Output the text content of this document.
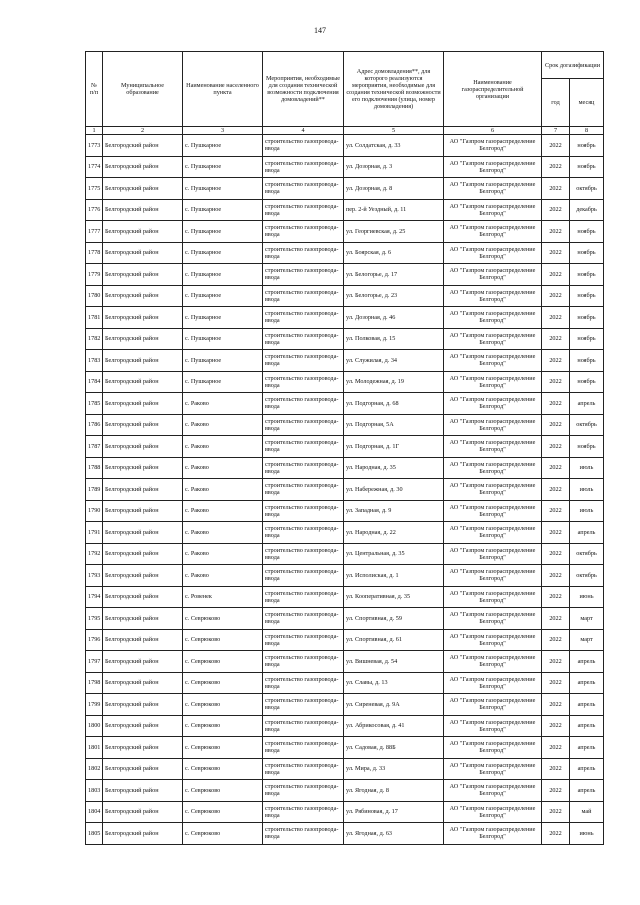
147
№ п/п	Муниципальное образование	Наименование населенного пункта	Мероприятия, необходимые для создания технической возможности подключения домовладений**	Адрес домовладения**, для которого реализуются мероприятия, необходимые для создания технической возможности его подключения (улица, номер домовладения)	Наименование газораспределительной организации	Срок догазификации	
						год	месяц
1	2	3	4	5	6	7	8
1773	Белгородский район	с. Пушкарное	строительство газопровода-ввода	ул. Солдатская, д. 33	АО "Газпром газораспределение Белгород"	2022	ноябрь
1774	Белгородский район	с. Пушкарное	строительство газопровода-ввода	ул. Дозорная, д. 3	АО "Газпром газораспределение Белгород"	2022	ноябрь
1775	Белгородский район	с. Пушкарное	строительство газопровода-ввода	ул. Дозорная, д. 8	АО "Газпром газораспределение Белгород"	2022	октябрь
1776	Белгородский район	с. Пушкарное	строительство газопровода-ввода	пер. 2-й Уездный, д. 11	АО "Газпром газораспределение Белгород"	2022	декабрь
1777	Белгородский район	с. Пушкарное	строительство газопровода-ввода	ул. Георгиевская, д. 25	АО "Газпром газораспределение Белгород"	2022	ноябрь
1778	Белгородский район	с. Пушкарное	строительство газопровода-ввода	ул. Боярская, д. 6	АО "Газпром газораспределение Белгород"	2022	ноябрь
1779	Белгородский район	с. Пушкарное	строительство газопровода-ввода	ул. Белогорье, д. 17	АО "Газпром газораспределение Белгород"	2022	ноябрь
1780	Белгородский район	с. Пушкарное	строительство газопровода-ввода	ул. Белогорье, д. 23	АО "Газпром газораспределение Белгород"	2022	ноябрь
1781	Белгородский район	с. Пушкарное	строительство газопровода-ввода	ул. Дозорная, д. 46	АО "Газпром газораспределение Белгород"	2022	ноябрь
1782	Белгородский район	с. Пушкарное	строительство газопровода-ввода	ул. Полковая, д. 15	АО "Газпром газораспределение Белгород"	2022	ноябрь
1783	Белгородский район	с. Пушкарное	строительство газопровода-ввода	ул. Служилая, д. 34	АО "Газпром газораспределение Белгород"	2022	ноябрь
1784	Белгородский район	с. Пушкарное	строительство газопровода-ввода	ул. Молодежная, д. 19	АО "Газпром газораспределение Белгород"	2022	ноябрь
1785	Белгородский район	с. Раково	строительство газопровода-ввода	ул. Подгорная, д. 68	АО "Газпром газораспределение Белгород"	2022	апрель
1786	Белгородский район	с. Раково	строительство газопровода-ввода	ул. Подгорная, 5А	АО "Газпром газораспределение Белгород"	2022	октябрь
1787	Белгородский район	с. Раково	строительство газопровода-ввода	ул. Подгорная, д. 1Г	АО "Газпром газораспределение Белгород"	2022	ноябрь
1788	Белгородский район	с. Раково	строительство газопровода-ввода	ул. Народная, д. 35	АО "Газпром газораспределение Белгород"	2022	июль
1789	Белгородский район	с. Раково	строительство газопровода-ввода	ул. Набережная, д. 30	АО "Газпром газораспределение Белгород"	2022	июль
1790	Белгородский район	с. Раково	строительство газопровода-ввода	ул. Западная, д. 9	АО "Газпром газораспределение Белгород"	2022	июль
1791	Белгородский район	с. Раково	строительство газопровода-ввода	ул. Народная, д. 22	АО "Газпром газораспределение Белгород"	2022	апрель
1792	Белгородский район	с. Раково	строительство газопровода-ввода	ул. Центральная, д. 35	АО "Газпром газораспределение Белгород"	2022	октябрь
1793	Белгородский район	с. Раково	строительство газопровода-ввода	ул. Исполиская, д. 1	АО "Газпром газораспределение Белгород"	2022	октябрь
1794	Белгородский район	с. Ровенек	строительство газопровода-ввода	ул. Кооперативная, д. 35	АО "Газпром газораспределение Белгород"	2022	июнь
1795	Белгородский район	с. Севрюково	строительство газопровода-ввода	ул. Спортивная, д. 59	АО "Газпром газораспределение Белгород"	2022	март
1796	Белгородский район	с. Севрюково	строительство газопровода-ввода	ул. Спортивная, д. 61	АО "Газпром газораспределение Белгород"	2022	март
1797	Белгородский район	с. Севрюково	строительство газопровода-ввода	ул. Вишневая, д. 54	АО "Газпром газораспределение Белгород"	2022	апрель
1798	Белгородский район	с. Севрюково	строительство газопровода-ввода	ул. Славы, д. 13	АО "Газпром газораспределение Белгород"	2022	апрель
1799	Белгородский район	с. Севрюково	строительство газопровода-ввода	ул. Сиреневая, д. 9А	АО "Газпром газораспределение Белгород"	2022	апрель
1800	Белгородский район	с. Севрюково	строительство газопровода-ввода	ул. Абрикосовая, д. 41	АО "Газпром газораспределение Белгород"	2022	апрель
1801	Белгородский район	с. Севрюково	строительство газопровода-ввода	ул. Садовая, д. 88Б	АО "Газпром газораспределение Белгород"	2022	апрель
1802	Белгородский район	с. Севрюково	строительство газопровода-ввода	ул. Мира, д. 33	АО "Газпром газораспределение Белгород"	2022	апрель
1803	Белгородский район	с. Севрюково	строительство газопровода-ввода	ул. Ягодная, д. 8	АО "Газпром газораспределение Белгород"	2022	апрель
1804	Белгородский район	с. Севрюково	строительство газопровода-ввода	ул. Рябиновая, д. 17	АО "Газпром газораспределение Белгород"	2022	май
1805	Белгородский район	с. Севрюково	строительство газопровода-ввода	ул. Ягодная, д. 63	АО "Газпром газораспределение Белгород"	2022	июнь
